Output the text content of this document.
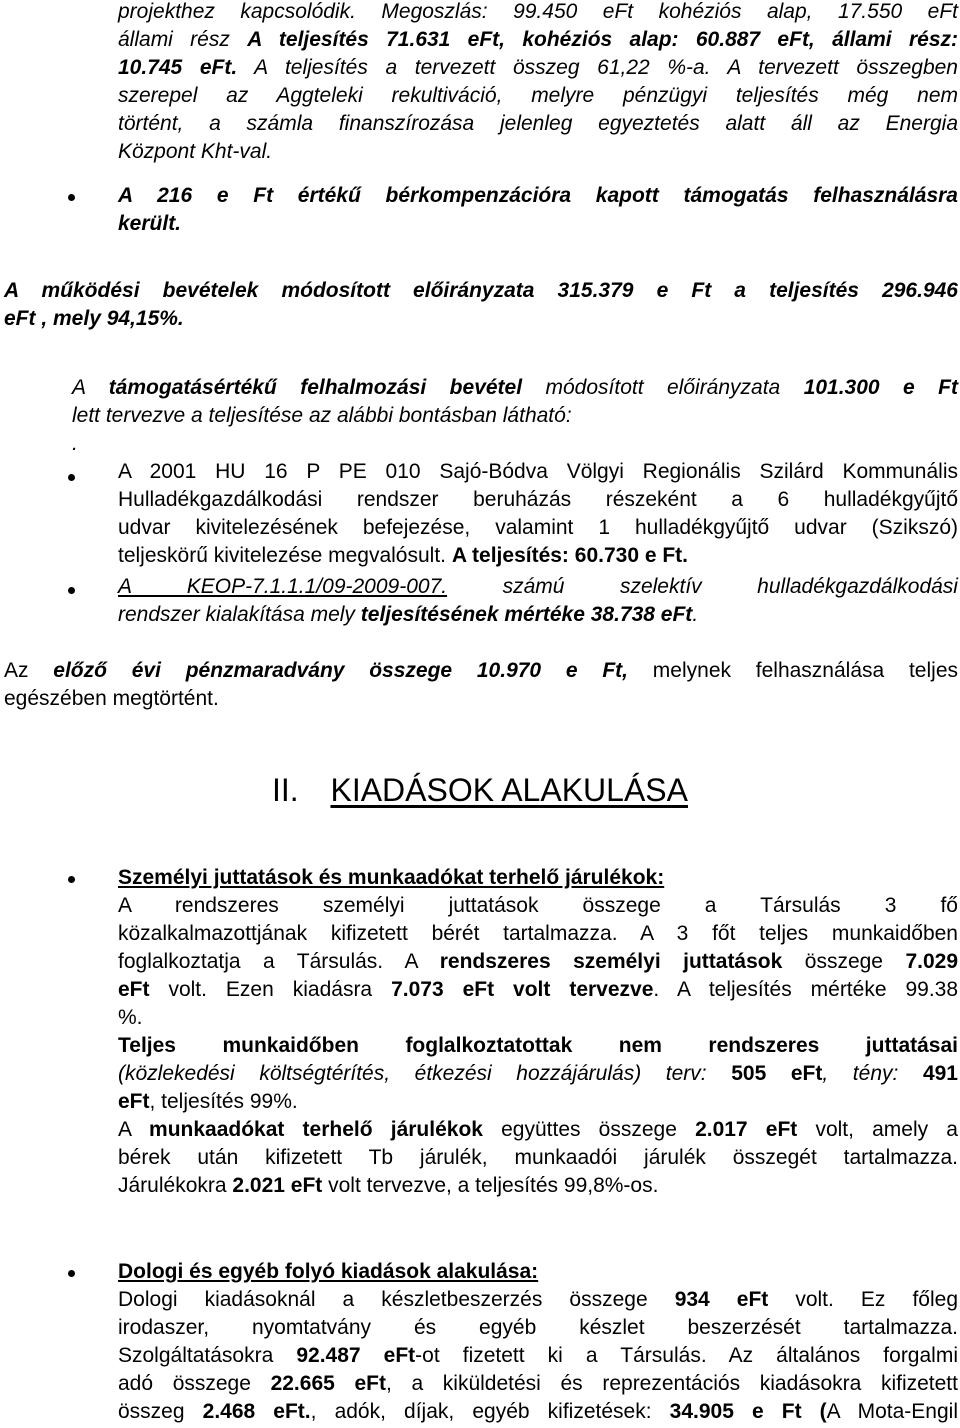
projekthez kapcsolódik. Megoszlás: 99.450 eFt kohéziós alap, 17.550 eFt
állami rész A teljesítés 71.631 eFt, kohéziós alap: 60.887 eFt, állami rész:
10.745 eFt. A teljesítés a tervezett összeg 61,22 %-a. A tervezett összegben
szerepel az Aggteleki rekultiváció, melyre pénzügyi teljesítés még nem
történt, a számla finanszírozása jelenleg egyeztetés alatt áll az Energia
Központ Kht-val.
A 216 e Ft értékű bérkompenzációra kapott támogatás felhasználásra
került.
A működési bevételek módosított előirányzata 315.379 e Ft a teljesítés 296.946
eFt , mely 94,15%.
A támogatásértékű felhalmozási bevétel módosított előirányzata 101.300 e Ft
lett tervezve a teljesítése az alábbi bontásban látható:
.
A 2001 HU 16 P PE 010 Sajó-Bódva Völgyi Regionális Szilárd Kommunális
Hulladékgazdálkodási rendszer beruházás részeként a 6 hulladékgyűjtő
udvar kivitelezésének befejezése, valamint 1 hulladékgyűjtő udvar (Szikszó)
teljeskörű kivitelezése megvalósult. A teljesítés: 60.730 e Ft.
A KEOP-7.1.1.1/09-2009-007. számú szelektív hulladékgazdálkodási
rendszer kialakítása mely teljesítésének mértéke 38.738 eFt.
Az előző évi pénzmaradvány összege 10.970 e Ft, melynek felhasználása teljes
egészében megtörtént.
II. KIADÁSOK ALAKULÁSA
Személyi juttatások és munkaadókat terhelő járulékok:
A rendszeres személyi juttatások összege a Társulás 3 fő
közalkalmazottjának kifizetett bérét tartalmazza. A 3 főt teljes munkaidőben
foglalkoztatja a Társulás. A rendszeres személyi juttatások összege 7.029
eFt volt. Ezen kiadásra 7.073 eFt volt tervezve. A teljesítés mértéke 99.38
%.
Teljes munkaidőben foglalkoztatottak nem rendszeres juttatásai
(közlekedési költségtérítés, étkezési hozzájárulás) terv: 505 eFt, tény: 491
eFt, teljesítés 99%.
A munkaadókat terhelő járulékok együttes összege 2.017 eFt volt, amely a
bérek után kifizetett Tb járulék, munkaadói járulék összegét tartalmazza.
Járulékokra 2.021 eFt volt tervezve, a teljesítés 99,8%-os.
Dologi és egyéb folyó kiadások alakulása:
Dologi kiadásoknál a készletbeszerzés összege 934 eFt volt. Ez főleg
irodaszer, nyomtatvány és egyéb készlet beszerzését tartalmazza.
Szolgáltatásokra 92.487 eFt-ot fizetett ki a Társulás. Az általános forgalmi
adó összege 22.665 eFt, a kiküldetési és reprezentációs kiadásokra kifizetett
összeg 2.468 eFt., adók, díjak, egyéb kifizetések: 34.905 e Ft (A Mota-Engil
